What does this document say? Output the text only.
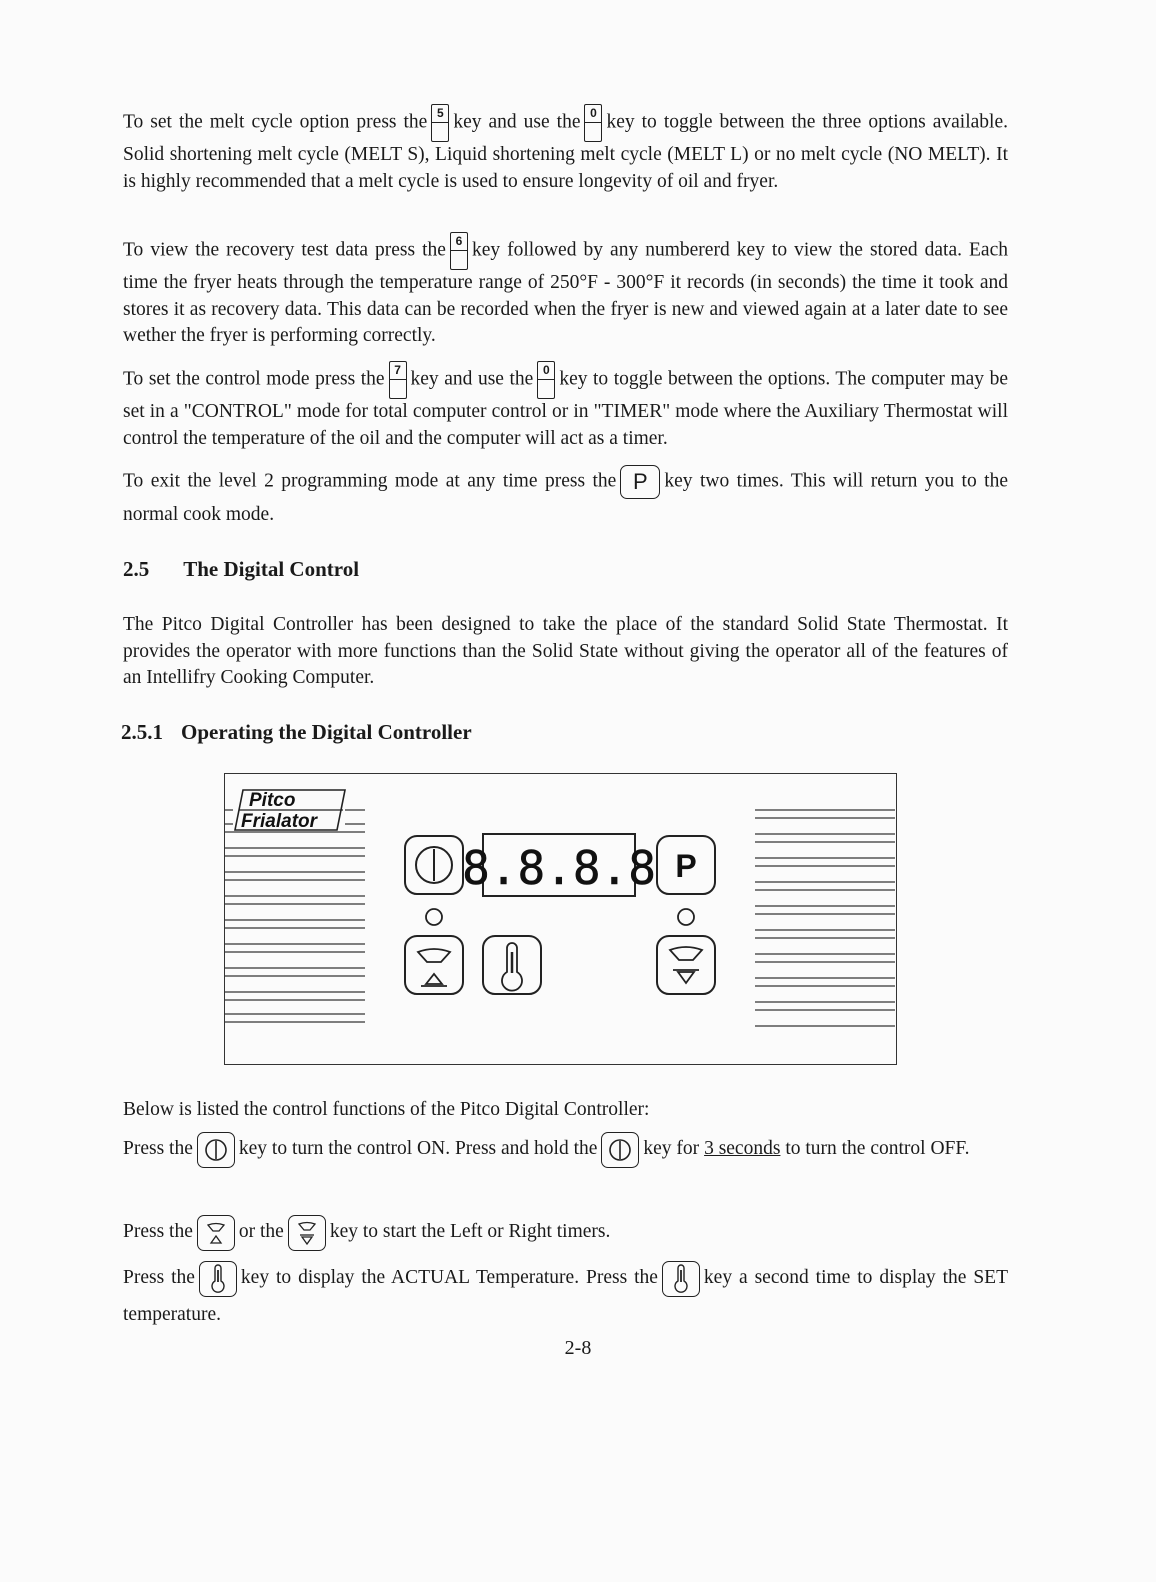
To set the melt cycle option press the 5 key and use the 0 key to toggle between the three options available. Solid shortening melt cycle (MELT S), Liquid shortening melt cycle (MELT L) or no melt cycle (NO MELT). It is highly recommended that a melt cycle is used to ensure longevity of oil and fryer.
To view the recovery test data press the 6 key followed by any numbererd key to view the stored data. Each time the fryer heats through the temperature range of 250°F - 300°F it records (in seconds) the time it took and stores it as recovery data. This data can be recorded when the fryer is new and viewed again at a later date to see wether the fryer is performing correctly.
To set the control mode press the 7 key and use the 0 key to toggle between the options. The computer may be set in a "CONTROL" mode for total computer control or in "TIMER" mode where the Auxiliary Thermostat will control the temperature of the oil and the computer will act as a timer.
To exit the level 2 programming mode at any time press the P key two times. This will return you to the normal cook mode.
2.5 The Digital Control
The Pitco Digital Controller has been designed to take the place of the standard Solid State Thermostat. It provides the operator with more functions than the Solid State without giving the operator all of the features of an Intellifry Cooking Computer.
2.5.1 Operating the Digital Controller
Pitco
Frialator
8.8.8.8 P
Below is listed the control functions of the Pitco Digital Controller:
Press the key to turn the control ON. Press and hold the key for 3 seconds to turn the control OFF.
Press the or the key to start the Left or Right timers.
Press the key to display the ACTUAL Temperature. Press the key a second time to display the SET temperature.
2-8
